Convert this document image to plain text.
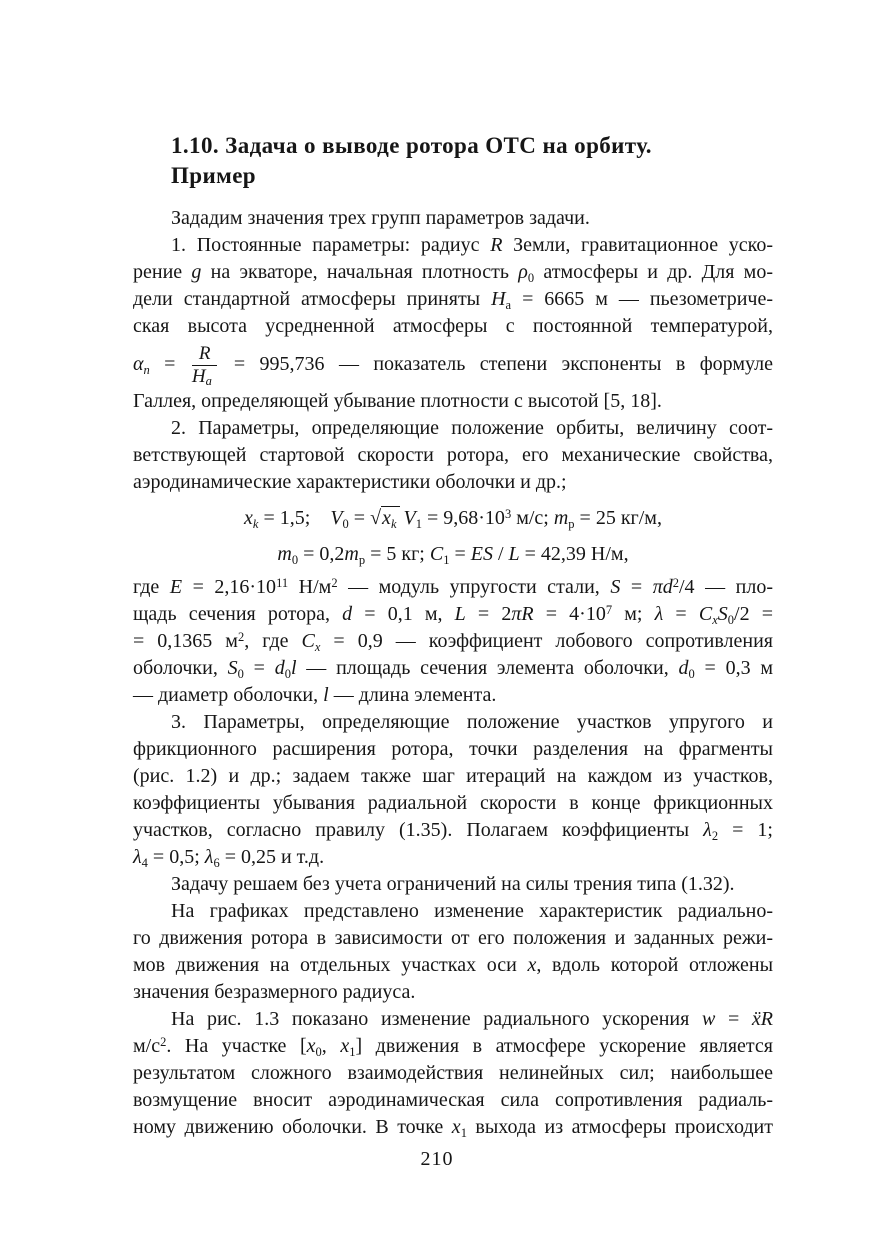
1.10. Задача о выводе ротора ОТС на орбиту.
Пример
Зададим значения трех групп параметров задачи.
1. Постоянные параметры: радиус R Земли, гравитационное уско-
рение g на экваторе, начальная плотность $\rho_0$ атмосферы и др. Для мо-
дели стандартной атмосферы приняты $H_а = 6665$ м — пьезометриче-
ская высота усредненной атмосферы с постоянной температурой,
$\alpha_n = \frac{R}{H_a} = 995,736$ — показатель степени экспоненты в формуле
Галлея, определяющей убывание плотности с высотой [5, 18].
2. Параметры, определяющие положение орбиты, величину соот-
ветствующей стартовой скорости ротора, его механические свойства,
аэродинамические характеристики оболочки и др.;
$x_k = 1,5$;  $V_0 = √x_k$  $V_1 = 9,68\cdot 10^3$ м/с; $m_р = 25$ кг/м,
$m_0 = 0,2m_р = 5$ кг; $C_1$ = ES / L = 42,39 Н/м,
где $E = 2,16\cdot 10^{11}$ $Н/м^2$ — модуль упругости стали, $S = \pi d^2/4$ — пло-
щадь сечения ротора, d = 0,1 м, $L = 2\pi R = 4\cdot 10^7$ м; $\lambda = C_xS_0/2$ =
= 0,1365 $м^2$, где $C_x = 0,9$ — коэффициент лобового сопротивления
оболочки, $S_0 = d_0l$ — площадь сечения элемента оболочки, $d_0 = 0,3$ м
— диаметр оболочки, l — длина элемента.
3. Параметры, определяющие положение участков упругого и
фрикционного расширения ротора, точки разделения на фрагменты
(рис. 1.2) и др.; задаем также шаг итераций на каждом из участков,
коэффициенты убывания радиальной скорости в конце фрикционных
участков, согласно правилу (1.35). Полагаем коэффициенты $\lambda_2 = 1$;
$\lambda_4 = 0,5$; $\lambda_6 = 0,25$ и т.д.
Задачу решаем без учета ограничений на силы трения типа (1.32).
На графиках представлено изменение характеристик радиально-
го движения ротора в зависимости от его положения и заданных режи-
мов движения на отдельных участках оси x, вдоль которой отложены
значения безразмерного радиуса.
На рис. 1.3 показано изменение радиального ускорения w = ẍR
$м/с^2$. На участке [$x_0$, $x_1$] движения в атмосфере ускорение является
результатом сложного взаимодействия нелинейных сил; наибольшее
возмущение вносит аэродинамическая сила сопротивления радиаль-
ному движению оболочки. В точке $x_1$ выхода из атмосферы происходит
210
